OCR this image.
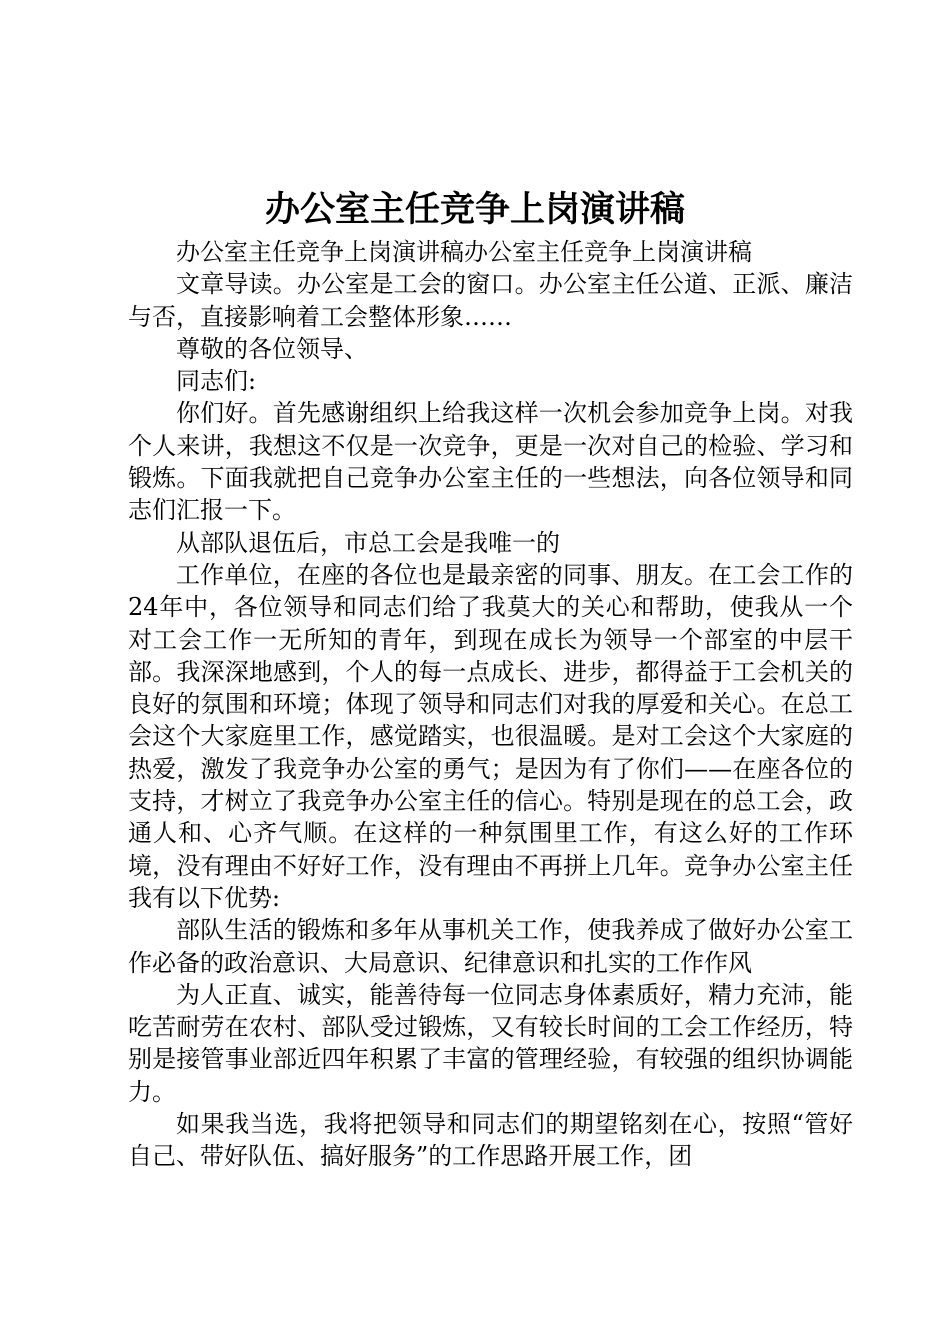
办公室主任竞争上岗演讲稿

办公室主任竞争上岗演讲稿办公室主任竞争上岗演讲稿

文章导读。办公室是工会的窗口。办公室主任公道、正派、廉洁与否，直接影响着工会整体形象……

尊敬的各位领导、

同志们:

你们好。首先感谢组织上给我这样一次机会参加竞争上岗。对我个人来讲，我想这不仅是一次竞争，更是一次对自己的检验、学习和锻炼。下面我就把自己竞争办公室主任的一些想法，向各位领导和同志们汇报一下。

从部队退伍后，市总工会是我唯一的

工作单位，在座的各位也是最亲密的同事、朋友。在工会工作的24年中，各位领导和同志们给了我莫大的关心和帮助，使我从一个对工会工作一无所知的青年，到现在成长为领导一个部室的中层干部。我深深地感到，个人的每一点成长、进步，都得益于工会机关的良好的氛围和环境；体现了领导和同志们对我的厚爱和关心。在总工会这个大家庭里工作，感觉踏实，也很温暖。是对工会这个大家庭的热爱，激发了我竞争办公室的勇气；是因为有了你们——在座各位的支持，才树立了我竞争办公室主任的信心。特别是现在的总工会，政通人和、心齐气顺。在这样的一种氛围里工作，有这么好的工作环境，没有理由不好好工作，没有理由不再拼上几年。竞争办公室主任我有以下优势:

部队生活的锻炼和多年从事机关工作，使我养成了做好办公室工作必备的政治意识、大局意识、纪律意识和扎实的工作作风

为人正直、诚实，能善待每一位同志身体素质好，精力充沛，能吃苦耐劳在农村、部队受过锻炼，又有较长时间的工会工作经历，特别是接管事业部近四年积累了丰富的管理经验，有较强的组织协调能力。

如果我当选，我将把领导和同志们的期望铭刻在心，按照“管好自己、带好队伍、搞好服务”的工作思路开展工作，团
